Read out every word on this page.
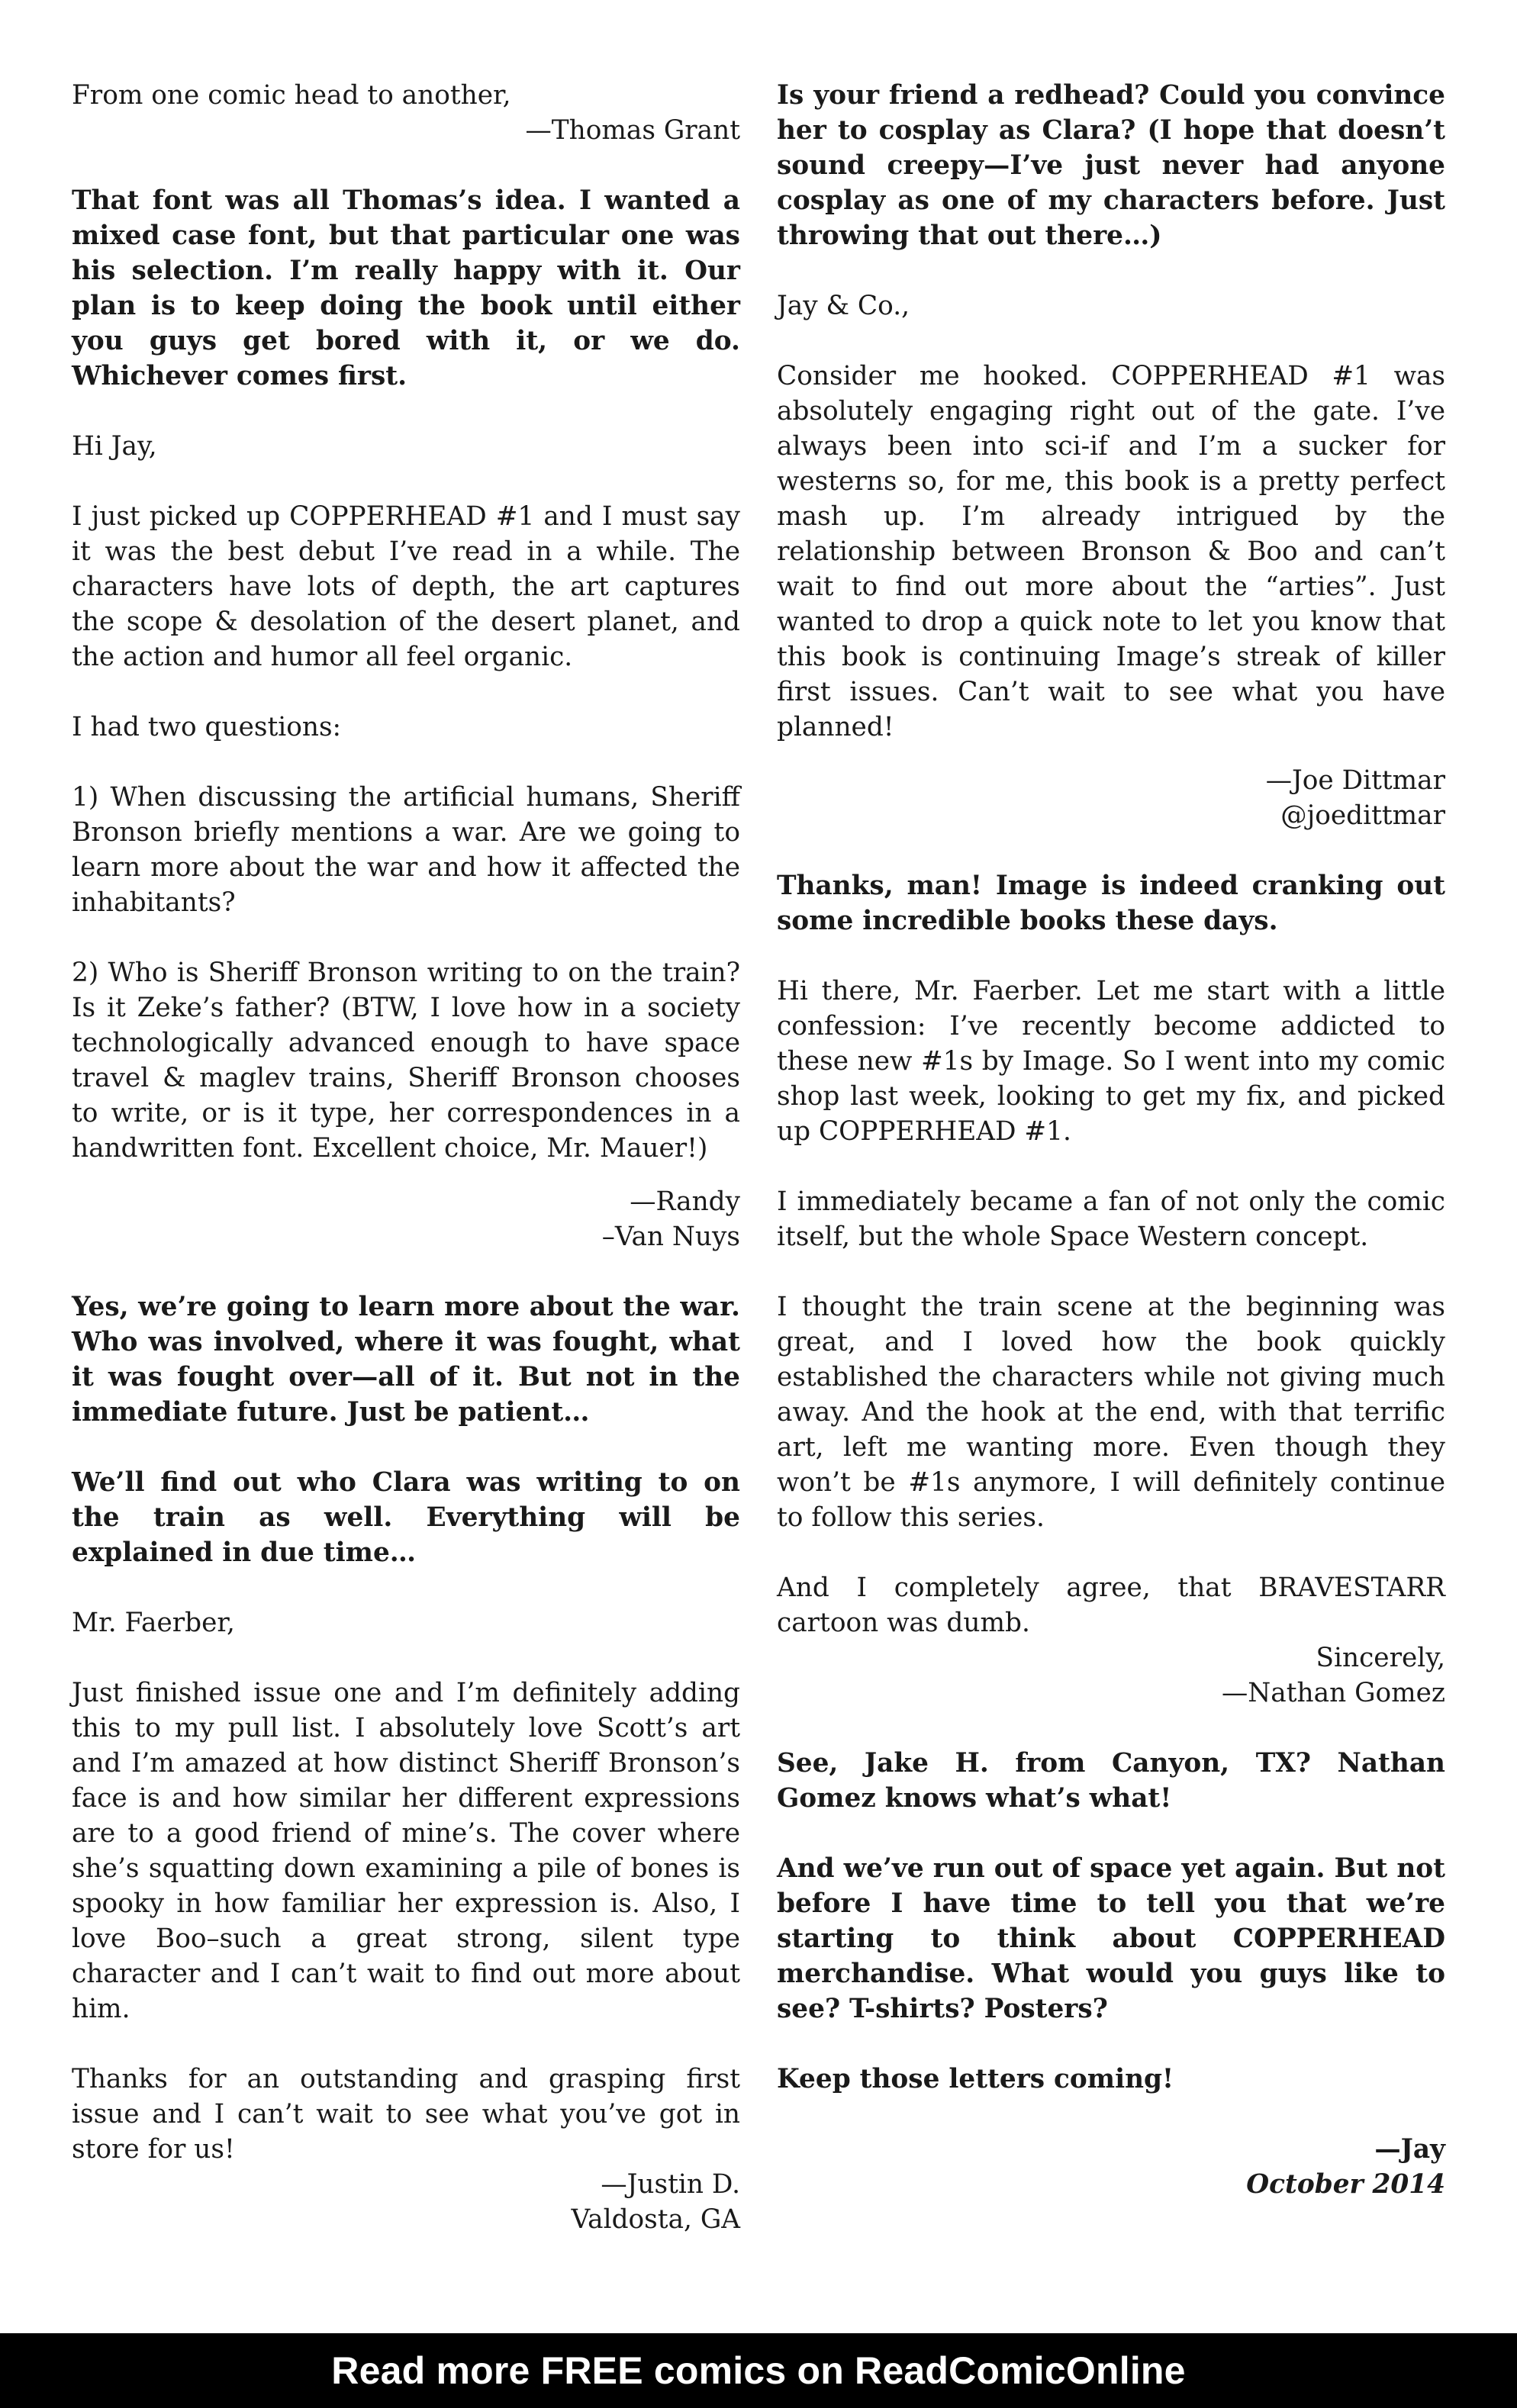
From one comic head to another,

—Thomas Grant

That font was all Thomas’s idea. I wanted a mixed case font, but that particular one was his selection. I’m really happy with it. Our plan is to keep doing the book until either you guys get bored with it, or we do. Whichever comes first.

Hi Jay,

I just picked up COPPERHEAD #1 and I must say it was the best debut I’ve read in a while. The characters have lots of depth, the art captures the scope & desolation of the desert planet, and the action and humor all feel organic.

I had two questions:

1) When discussing the artificial humans, Sheriff Bronson briefly mentions a war. Are we going to learn more about the war and how it affected the inhabitants?

2) Who is Sheriff Bronson writing to on the train? Is it Zeke’s father? (BTW, I love how in a society technologically advanced enough to have space travel & maglev trains, Sheriff Bronson chooses to write, or is it type, her correspondences in a handwritten font. Excellent choice, Mr. Mauer!)

—Randy
–Van Nuys

Yes, we’re going to learn more about the war. Who was involved, where it was fought, what it was fought over—all of it. But not in the immediate future. Just be patient…

We’ll find out who Clara was writing to on the train as well. Everything will be explained in due time…

Mr. Faerber,

Just finished issue one and I’m definitely adding this to my pull list. I absolutely love Scott’s art and I’m amazed at how distinct Sheriff Bronson’s face is and how similar her different expressions are to a good friend of mine’s. The cover where she’s squatting down examining a pile of bones is spooky in how familiar her expression is. Also, I love Boo–such a great strong, silent type character and I can’t wait to find out more about him.

Thanks for an outstanding and grasping first issue and I can’t wait to see what you’ve got in store for us!

—Justin D.
Valdosta, GA

Is your friend a redhead? Could you convince her to cosplay as Clara? (I hope that doesn’t sound creepy—I’ve just never had anyone cosplay as one of my characters before. Just throwing that out there…)

Jay & Co.,

Consider me hooked. COPPERHEAD #1 was absolutely engaging right out of the gate. I’ve always been into sci-if and I’m a sucker for westerns so, for me, this book is a pretty perfect mash up. I’m already intrigued by the relationship between Bronson & Boo and can’t wait to find out more about the “arties”. Just wanted to drop a quick note to let you know that this book is continuing Image’s streak of killer first issues. Can’t wait to see what you have planned!

—Joe Dittmar
@joedittmar

Thanks, man! Image is indeed cranking out some incredible books these days.

Hi there, Mr. Faerber. Let me start with a little confession: I’ve recently become addicted to these new #1s by Image. So I went into my comic shop last week, looking to get my fix, and picked up COPPERHEAD #1.

I immediately became a fan of not only the comic itself, but the whole Space Western concept.

I thought the train scene at the beginning was great, and I loved how the book quickly established the characters while not giving much away. And the hook at the end, with that terrific art, left me wanting more. Even though they won’t be #1s anymore, I will definitely continue to follow this series.

And I completely agree, that BRAVESTARR cartoon was dumb.

Sincerely,
—Nathan Gomez

See, Jake H. from Canyon, TX? Nathan Gomez knows what’s what!

And we’ve run out of space yet again. But not before I have time to tell you that we’re starting to think about COPPERHEAD merchandise. What would you guys like to see? T-shirts? Posters?

Keep those letters coming!

—Jay
October 2014
Read more FREE comics on ReadComicOnline
